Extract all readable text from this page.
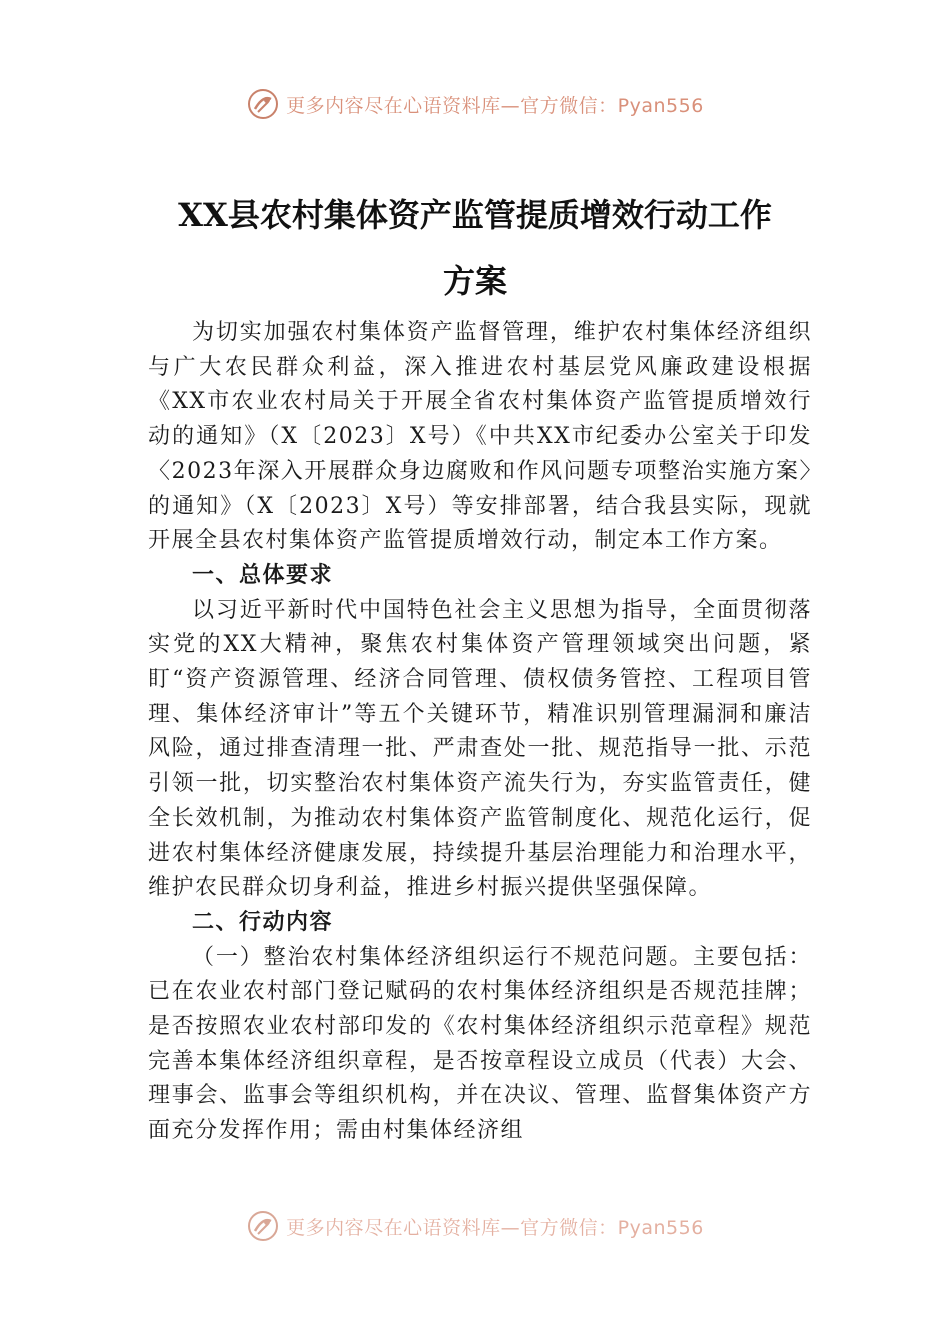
更多内容尽在心语资料库—官方微信：Pyan556
XX县农村集体资产监管提质增效行动工作
方案

为切实加强农村集体资产监督管理，维护农村集体经济组织与广大农民群众利益，深入推进农村基层党风廉政建设根据《XX市农业农村局关于开展全省农村集体资产监管提质增效行动的通知》（X〔2023〕X号）《中共XX市纪委办公室关于印发〈2023年深入开展群众身边腐败和作风问题专项整治实施方案〉的通知》（X〔2023〕X号）等安排部署，结合我县实际，现就开展全县农村集体资产监管提质增效行动，制定本工作方案。

一、总体要求

以习近平新时代中国特色社会主义思想为指导，全面贯彻落实党的XX大精神，聚焦农村集体资产管理领域突出问题，紧盯“资产资源管理、经济合同管理、债权债务管控、工程项目管理、集体经济审计”等五个关键环节，精准识别管理漏洞和廉洁风险，通过排查清理一批、严肃查处一批、规范指导一批、示范引领一批，切实整治农村集体资产流失行为，夯实监管责任，健全长效机制，为推动农村集体资产监管制度化、规范化运行，促进农村集体经济健康发展，持续提升基层治理能力和治理水平，维护农民群众切身利益，推进乡村振兴提供坚强保障。

二、行动内容

（一）整治农村集体经济组织运行不规范问题。主要包括：已在农业农村部门登记赋码的农村集体经济组织是否规范挂牌；是否按照农业农村部印发的《农村集体经济组织示范章程》规范完善本集体经济组织章程，是否按章程设立成员（代表）大会、理事会、监事会等组织机构，并在决议、管理、监督集体资产方面充分发挥作用；需由村集体经济组

更多内容尽在心语资料库—官方微信：Pyan556
